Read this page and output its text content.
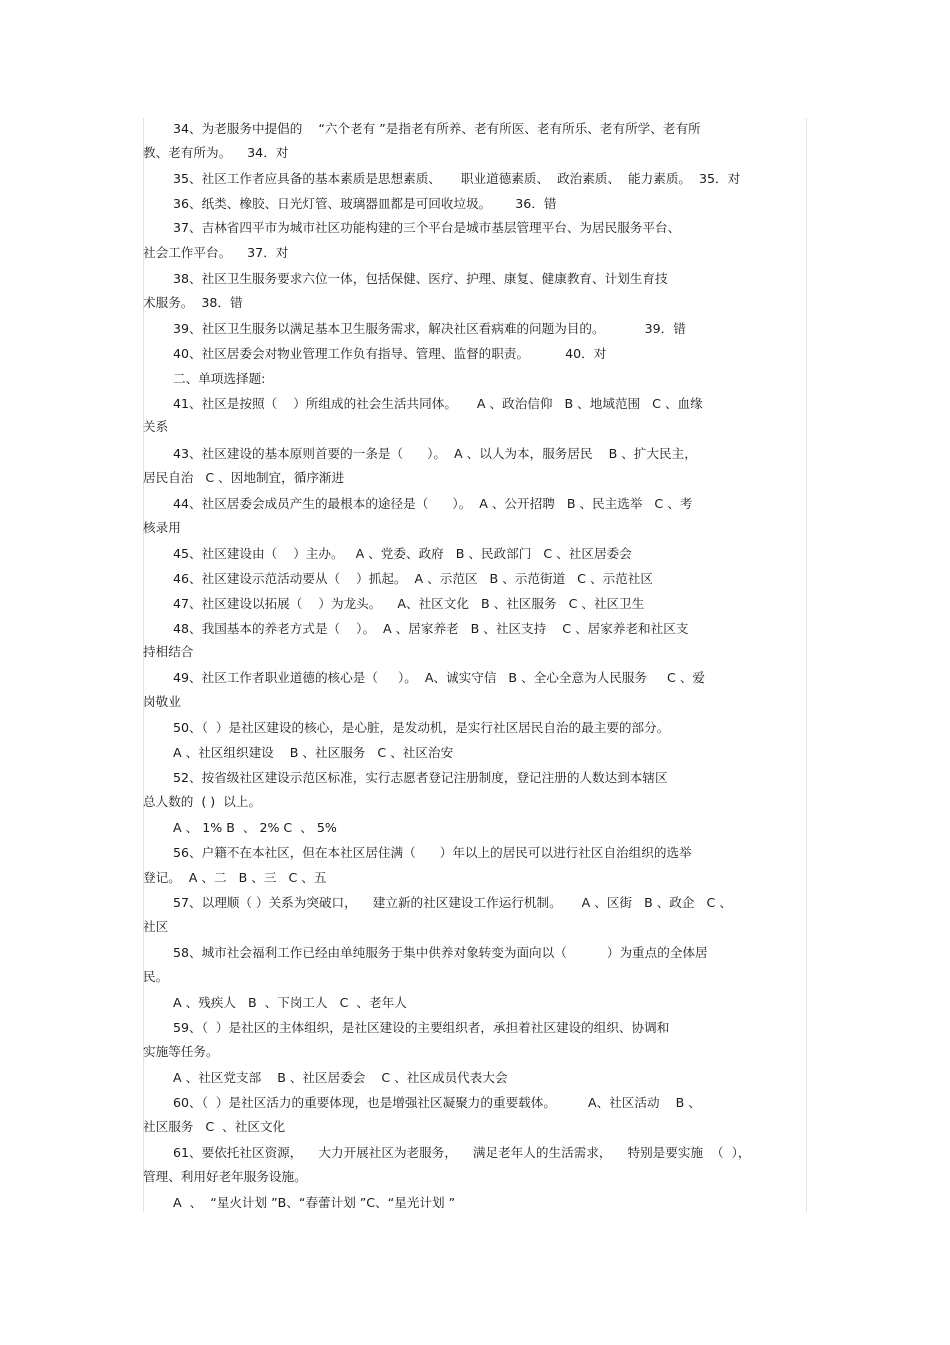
34、为老服务中提倡的    “六个老有 ”是指老有所养、老有所医、老有所乐、老有所学、老有所
教、老有所为。    34．对
35、社区工作者应具备的基本素质是思想素质、     职业道德素质、  政治素质、  能力素质。  35．对
36、纸类、橡胶、日光灯管、玻璃器皿都是可回收垃圾。      36．错
37、吉林省四平市为城市社区功能构建的三个平台是城市基层管理平台、为居民服务平台、
社会工作平台。    37．对
38、社区卫生服务要求六位一体，包括保健、医疗、护理、康复、健康教育、计划生育技
术服务。  38．错
39、社区卫生服务以满足基本卫生服务需求，解决社区看病难的问题为目的。          39．错
40、社区居委会对物业管理工作负有指导、管理、监督的职责。         40．对
二、单项选择题:
41、社区是按照（    ）所组成的社会生活共同体。     A 、政治信仰   B 、地域范围   C 、血缘
关系
43、社区建设的基本原则首要的一条是（      ）。  A 、以人为本，服务居民    B 、扩大民主，
居民自治   C 、因地制宜，循序渐进
44、社区居委会成员产生的最根本的途径是（      ）。  A 、公开招聘   B 、民主选举   C 、考
核录用
45、社区建设由（    ）主办。   A 、党委、政府   B 、民政部门   C 、社区居委会
46、社区建设示范活动要从（    ）抓起。  A 、示范区   B 、示范街道   C 、示范社区
47、社区建设以拓展（    ）为龙头。    A、社区文化   B 、社区服务   C 、社区卫生
48、我国基本的养老方式是（    ）。  A 、居家养老   B 、社区支持    C 、居家养老和社区支
持相结合
49、社区工作者职业道德的核心是（     ）。  A、诚实守信   B 、全心全意为人民服务     C 、爱
岗敬业
50、（  ）是社区建设的核心，是心脏，是发动机，是实行社区居民自治的最主要的部分。
A 、社区组织建设    B 、社区服务   C 、社区治安
52、按省级社区建设示范区标准，实行志愿者登记注册制度，登记注册的人数达到本辖区
总人数的  ( )  以上。
A 、 1% B  、 2% C  、 5%
56、户籍不在本社区，但在本社区居住满（      ）年以上的居民可以进行社区自治组织的选举
登记。  A 、二   B 、三   C 、五
57、以理顺（ ）关系为突破口，    建立新的社区建设工作运行机制。     A 、区街   B 、政企   C 、
社区
58、城市社会福利工作已经由单纯服务于集中供养对象转变为面向以（          ）为重点的全体居
民。
A 、残疾人   B  、下岗工人   C  、老年人
59、（  ）是社区的主体组织，是社区建设的主要组织者，承担着社区建设的组织、协调和
实施等任务。
A 、社区党支部    B 、社区居委会    C 、社区成员代表大会
60、（  ）是社区活力的重要体现，也是增强社区凝聚力的重要载体。        A、社区活动    B 、
社区服务   C  、社区文化
61、要依托社区资源，    大力开展社区为老服务，    满足老年人的生活需求，    特别是要实施  （  ），
管理、利用好老年服务设施。
A  、  “星火计划 ”B、“春蕾计划 ”C、“星光计划 ”
